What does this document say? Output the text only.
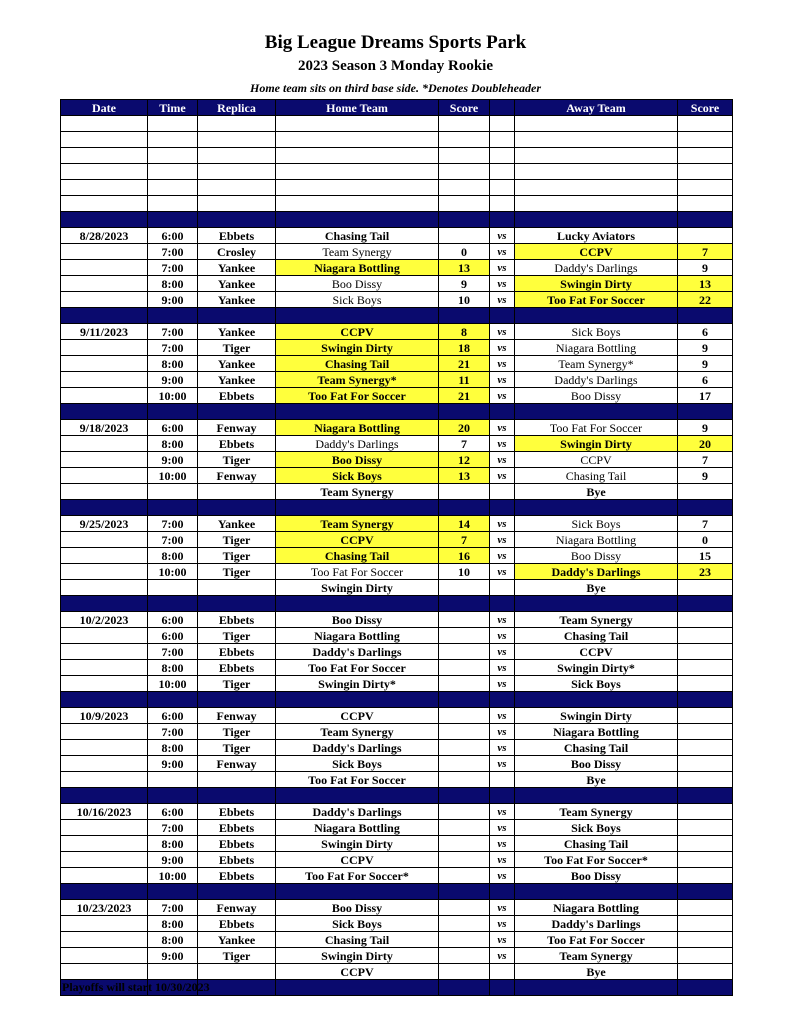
Big League Dreams Sports Park
2023 Season 3 Monday Rookie
Home team sits on third base side. *Denotes Doubleheader
Date	Time	Replica	Home Team	Score		Away Team	Score

8/28/2023	6:00	Ebbets	Chasing Tail		vs	Lucky Aviators	
	7:00	Crosley	Team Synergy	0	vs	CCPV	7
	7:00	Yankee	Niagara Bottling	13	vs	Daddy's Darlings	9
	8:00	Yankee	Boo Dissy	9	vs	Swingin Dirty	13
	9:00	Yankee	Sick Boys	10	vs	Too Fat For Soccer	22

9/11/2023	7:00	Yankee	CCPV	8	vs	Sick Boys	6
	7:00	Tiger	Swingin Dirty	18	vs	Niagara Bottling	9
	8:00	Yankee	Chasing Tail	21	vs	Team Synergy*	9
	9:00	Yankee	Team Synergy*	11	vs	Daddy's Darlings	6
	10:00	Ebbets	Too Fat For Soccer	21	vs	Boo Dissy	17

9/18/2023	6:00	Fenway	Niagara Bottling	20	vs	Too Fat For Soccer	9
	8:00	Ebbets	Daddy's Darlings	7	vs	Swingin Dirty	20
	9:00	Tiger	Boo Dissy	12	vs	CCPV	7
	10:00	Fenway	Sick Boys	13	vs	Chasing Tail	9
			Team Synergy			Bye	

9/25/2023	7:00	Yankee	Team Synergy	14	vs	Sick Boys	7
	7:00	Tiger	CCPV	7	vs	Niagara Bottling	0
	8:00	Tiger	Chasing Tail	16	vs	Boo Dissy	15
	10:00	Tiger	Too Fat For Soccer	10	vs	Daddy's Darlings	23
			Swingin Dirty			Bye	

10/2/2023	6:00	Ebbets	Boo Dissy		vs	Team Synergy	
	6:00	Tiger	Niagara Bottling		vs	Chasing Tail	
	7:00	Ebbets	Daddy's Darlings		vs	CCPV	
	8:00	Ebbets	Too Fat For Soccer		vs	Swingin Dirty*	
	10:00	Tiger	Swingin Dirty*		vs	Sick Boys	

10/9/2023	6:00	Fenway	CCPV		vs	Swingin Dirty	
	7:00	Tiger	Team Synergy		vs	Niagara Bottling	
	8:00	Tiger	Daddy's Darlings		vs	Chasing Tail	
	9:00	Fenway	Sick Boys		vs	Boo Dissy	
			Too Fat For Soccer			Bye	

10/16/2023	6:00	Ebbets	Daddy's Darlings		vs	Team Synergy	
	7:00	Ebbets	Niagara Bottling		vs	Sick Boys	
	8:00	Ebbets	Swingin Dirty		vs	Chasing Tail	
	9:00	Ebbets	CCPV		vs	Too Fat For Soccer*	
	10:00	Ebbets	Too Fat For Soccer*		vs	Boo Dissy	

10/23/2023	7:00	Fenway	Boo Dissy		vs	Niagara Bottling	
	8:00	Ebbets	Sick Boys		vs	Daddy's Darlings	
	8:00	Yankee	Chasing Tail		vs	Too Fat For Soccer	
	9:00	Tiger	Swingin Dirty		vs	Team Synergy	
			CCPV			Bye	

Playoffs will start 10/30/2023
